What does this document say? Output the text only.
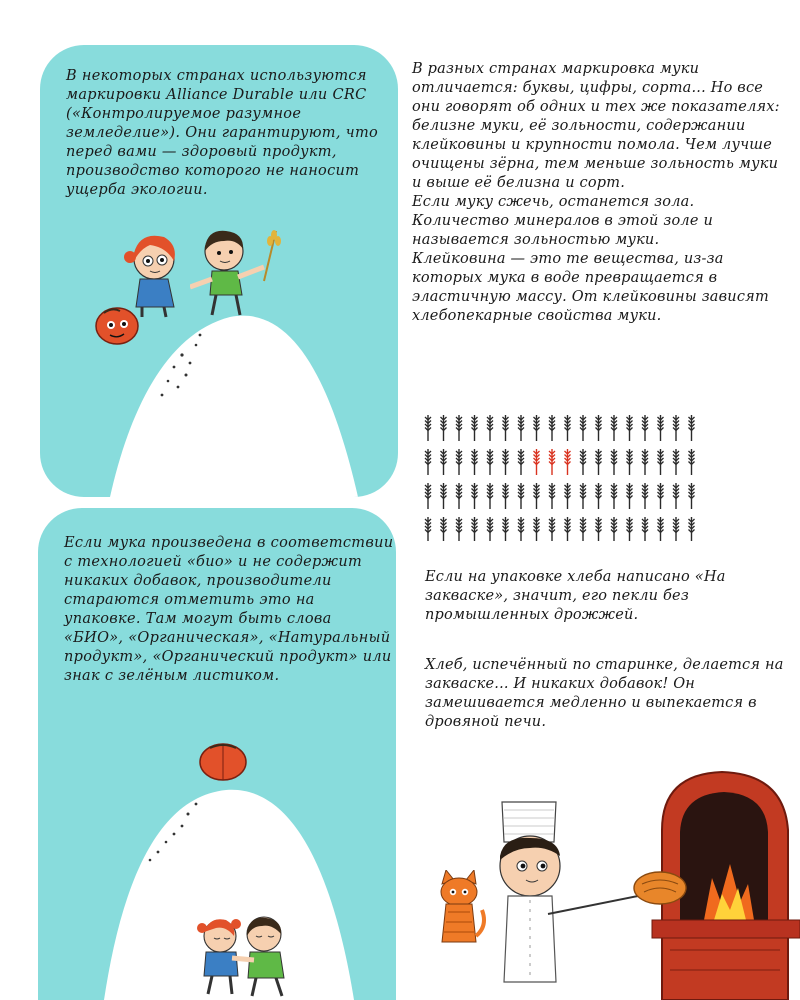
В некоторых странах используются маркировки Alliance Durable или CRC («Контролируемое разумное земледелие»). Они гарантируют, что перед вами — здоровый продукт, производство которого не наносит ущерба экологии.

В разных странах маркировка муки отличается: буквы, цифры, сорта... Но все они говорят об одних и тех же показателях: белизне муки, её зольности, содержании клейковины и крупности помола. Чем лучше очищены зёрна, тем меньше зольность муки и выше её белизна и сорт.
Если муку сжечь, останется зола. Количество минералов в этой золе и называется зольностью муки.
Клейковина — это те вещества, из-за которых мука в воде превращается в эластичную массу. От клейковины зависят хлебопекарные свойства муки.

Если мука произведена в соответствии с технологией «био» и не содержит никаких добавок, производители стараются отметить это на упаковке. Там могут быть слова «БИО», «Органическая», «Натуральный продукт», «Органический продукт» или знак с зелёным листиком.

Если на упаковке хлеба написано «На закваске», значит, его пекли без промышленных дрожжей.

Хлеб, испечённый по старинке, делается на закваске... И никаких добавок! Он замешивается медленно и выпекается в дровяной печи.
